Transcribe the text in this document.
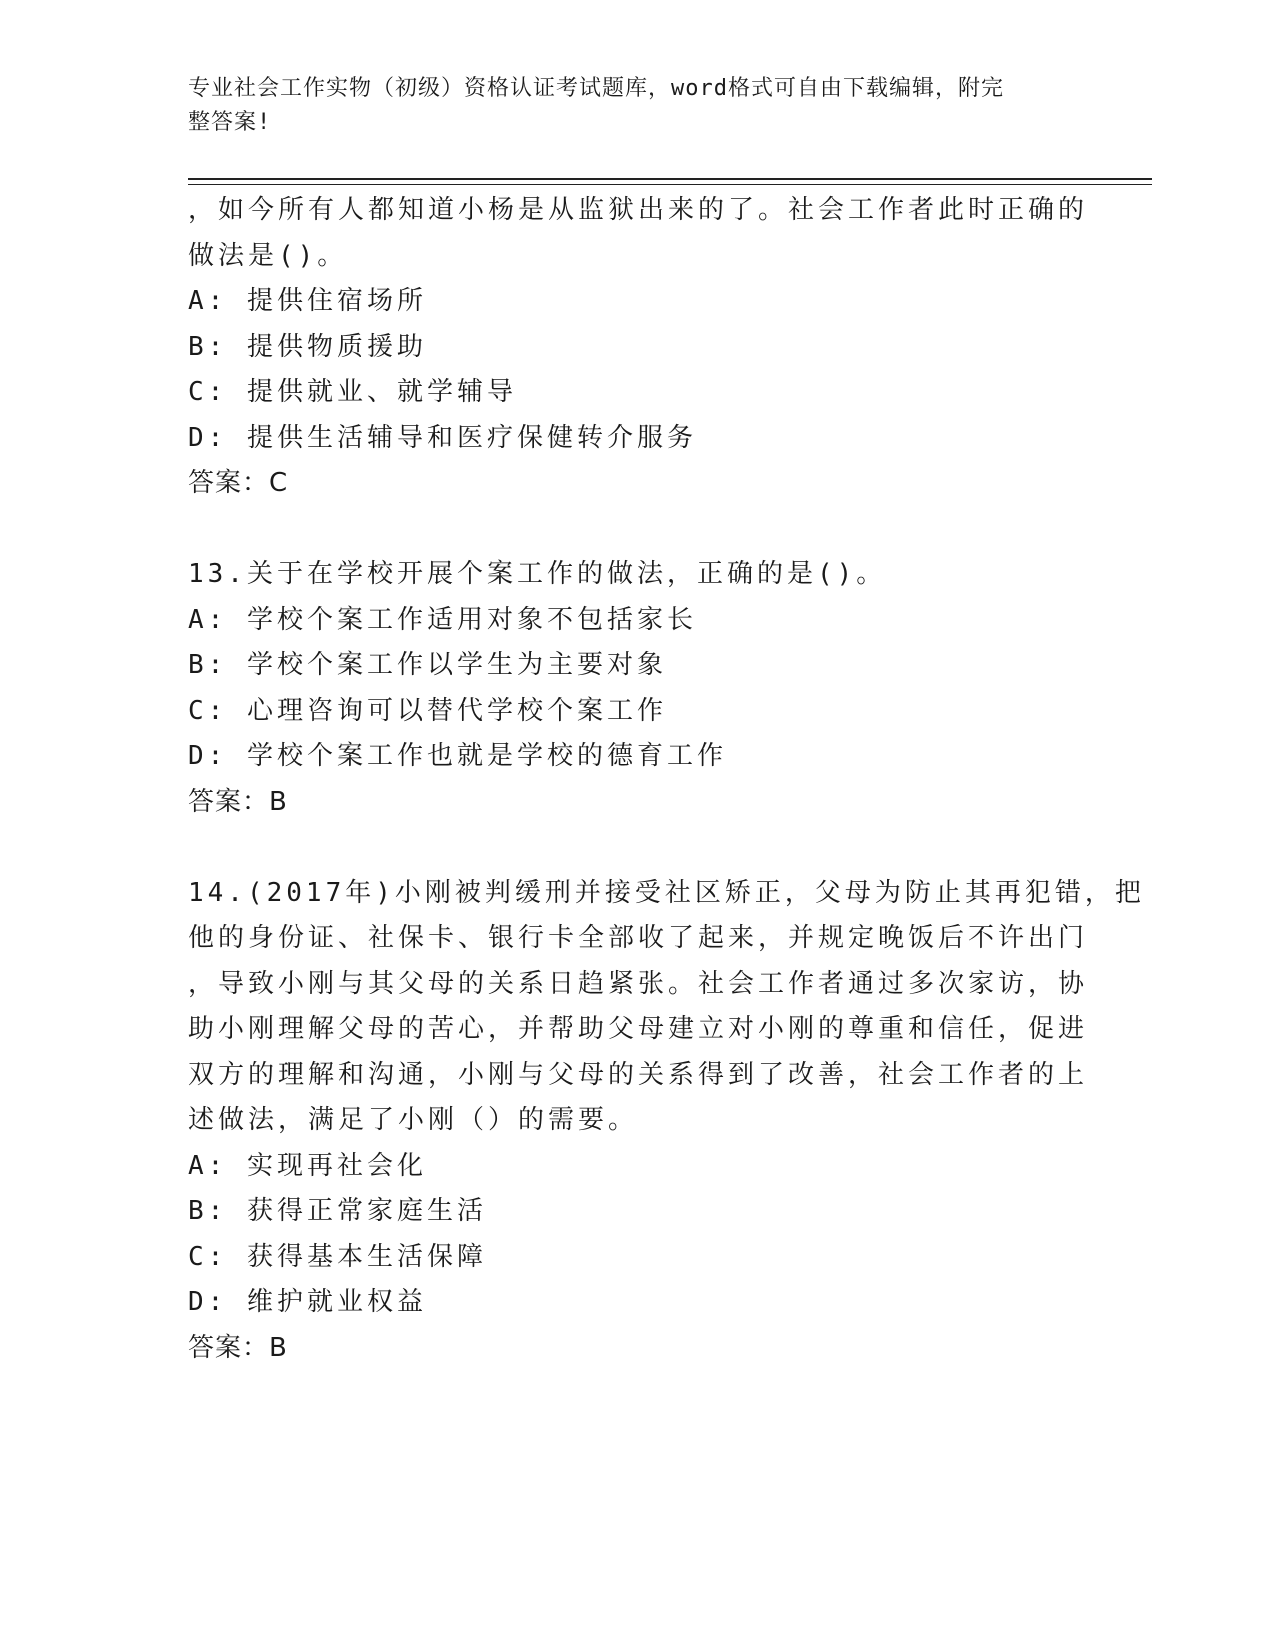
专业社会工作实物（初级）资格认证考试题库，word格式可自由下载编辑，附完
整答案!
，如今所有人都知道小杨是从监狱出来的了。社会工作者此时正确的
做法是()。
A: 提供住宿场所
B: 提供物质援助
C: 提供就业、就学辅导
D: 提供生活辅导和医疗保健转介服务
答案：C
13.关于在学校开展个案工作的做法，正确的是()。
A: 学校个案工作适用对象不包括家长
B: 学校个案工作以学生为主要对象
C: 心理咨询可以替代学校个案工作
D: 学校个案工作也就是学校的德育工作
答案：B
14.(2017年)小刚被判缓刑并接受社区矫正，父母为防止其再犯错，把
他的身份证、社保卡、银行卡全部收了起来，并规定晚饭后不许出门
，导致小刚与其父母的关系日趋紧张。社会工作者通过多次家访，协
助小刚理解父母的苦心，并帮助父母建立对小刚的尊重和信任，促进
双方的理解和沟通，小刚与父母的关系得到了改善，社会工作者的上
述做法，满足了小刚（）的需要。
A: 实现再社会化
B: 获得正常家庭生活
C: 获得基本生活保障
D: 维护就业权益
答案：B
